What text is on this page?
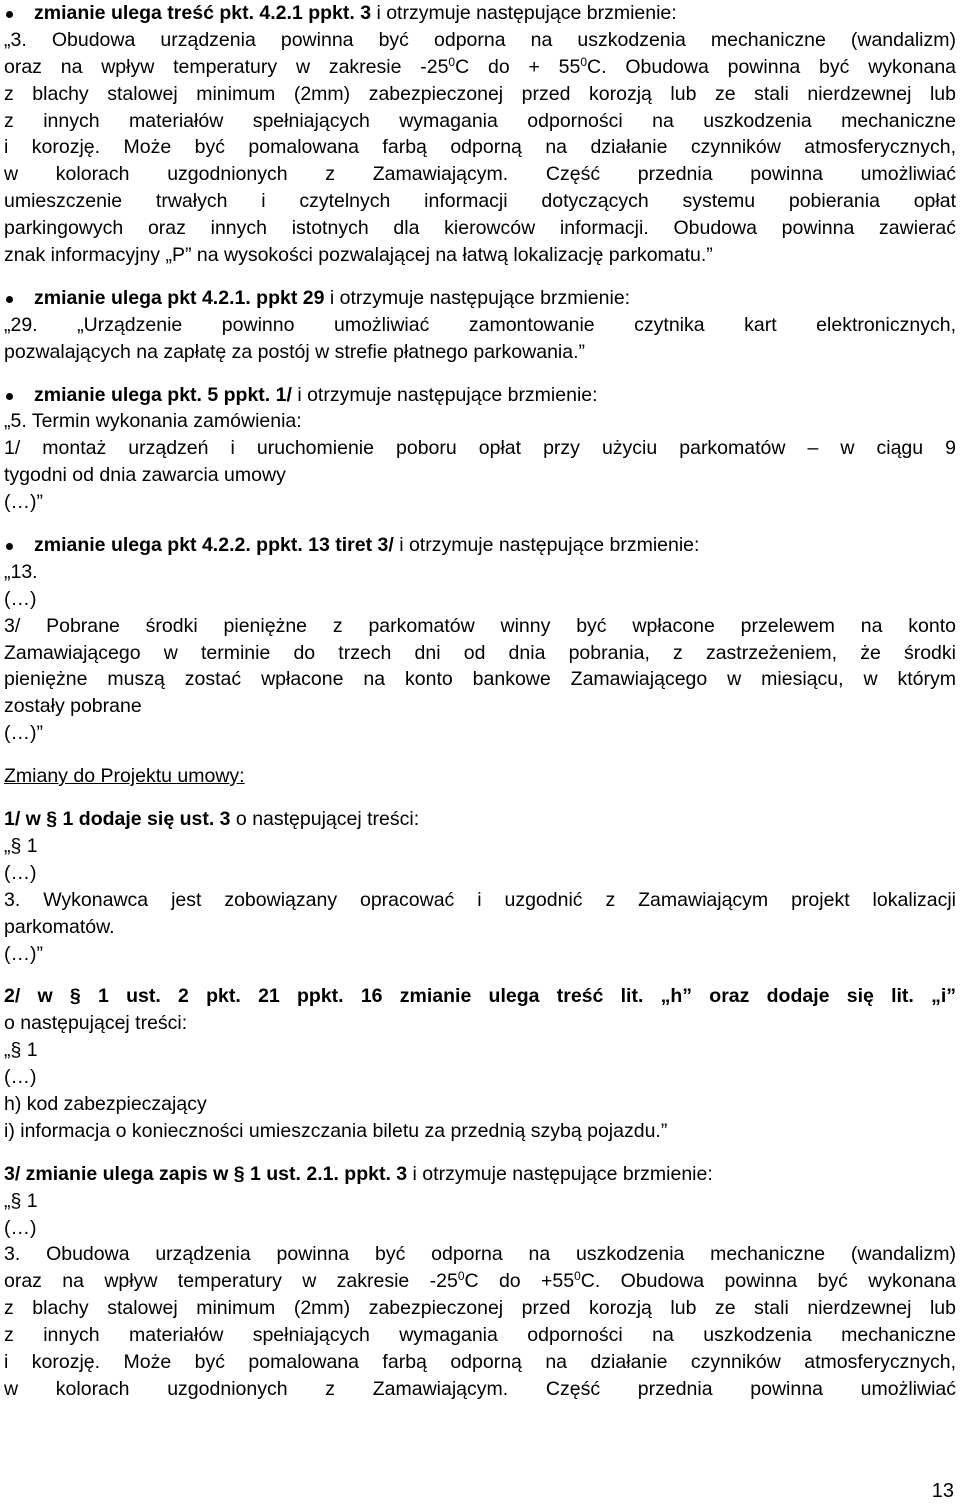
zmianie ulega treść pkt. 4.2.1 ppkt. 3 i otrzymuje następujące brzmienie:
„3. Obudowa urządzenia powinna być odporna na uszkodzenia mechaniczne (wandalizm)
oraz na wpływ temperatury w zakresie $-25^0C$ do + $55^0C$. Obudowa powinna być wykonana
z blachy stalowej minimum (2mm) zabezpieczonej przed korozją lub ze stali nierdzewnej lub
z innych materiałów spełniających wymagania odporności na uszkodzenia mechaniczne
i korozję. Może być pomalowana farbą odporną na działanie czynników atmosferycznych,
w kolorach uzgodnionych z Zamawiającym. Część przednia powinna umożliwiać
umieszczenie trwałych i czytelnych informacji dotyczących systemu pobierania opłat
parkingowych oraz innych istotnych dla kierowców informacji. Obudowa powinna zawierać
znak informacyjny „P” na wysokości pozwalającej na łatwą lokalizację parkomatu.”
zmianie ulega pkt 4.2.1. ppkt 29 i otrzymuje następujące brzmienie:
„29. „Urządzenie powinno umożliwiać zamontowanie czytnika kart elektronicznych,
pozwalających na zapłatę za postój w strefie płatnego parkowania.”
zmianie ulega pkt. 5 ppkt. 1/ i otrzymuje następujące brzmienie:
„5. Termin wykonania zamówienia:
1/ montaż urządzeń i uruchomienie poboru opłat przy użyciu parkomatów – w ciągu 9
tygodni od dnia zawarcia umowy
(…)”
zmianie ulega pkt 4.2.2. ppkt. 13 tiret 3/ i otrzymuje następujące brzmienie:
„13.
(…)
3/ Pobrane środki pieniężne z parkomatów winny być wpłacone przelewem na konto
Zamawiającego w terminie do trzech dni od dnia pobrania, z zastrzeżeniem, że środki
pieniężne muszą zostać wpłacone na konto bankowe Zamawiającego w miesiącu, w którym
zostały pobrane
(…)”
Zmiany do Projektu umowy:
1/ w § 1 dodaje się ust. 3 o następującej treści:
„§ 1
(…)
3. Wykonawca jest zobowiązany opracować i uzgodnić z Zamawiającym projekt lokalizacji
parkomatów.
(…)”
2/ w § 1 ust. 2 pkt. 21 ppkt. 16 zmianie ulega treść lit. „h” oraz dodaje się lit. „i”
o następującej treści:
„§ 1
(…)
h) kod zabezpieczający
i) informacja o konieczności umieszczania biletu za przednią szybą pojazdu.”
3/ zmianie ulega zapis w § 1 ust. 2.1. ppkt. 3 i otrzymuje następujące brzmienie:
„§ 1
(…)
3. Obudowa urządzenia powinna być odporna na uszkodzenia mechaniczne (wandalizm)
oraz na wpływ temperatury w zakresie $-25^0C$ do $+55^0C$. Obudowa powinna być wykonana
z blachy stalowej minimum (2mm) zabezpieczonej przed korozją lub ze stali nierdzewnej lub
z innych materiałów spełniających wymagania odporności na uszkodzenia mechaniczne
i korozję. Może być pomalowana farbą odporną na działanie czynników atmosferycznych,
w kolorach uzgodnionych z Zamawiającym. Część przednia powinna umożliwiać
13
